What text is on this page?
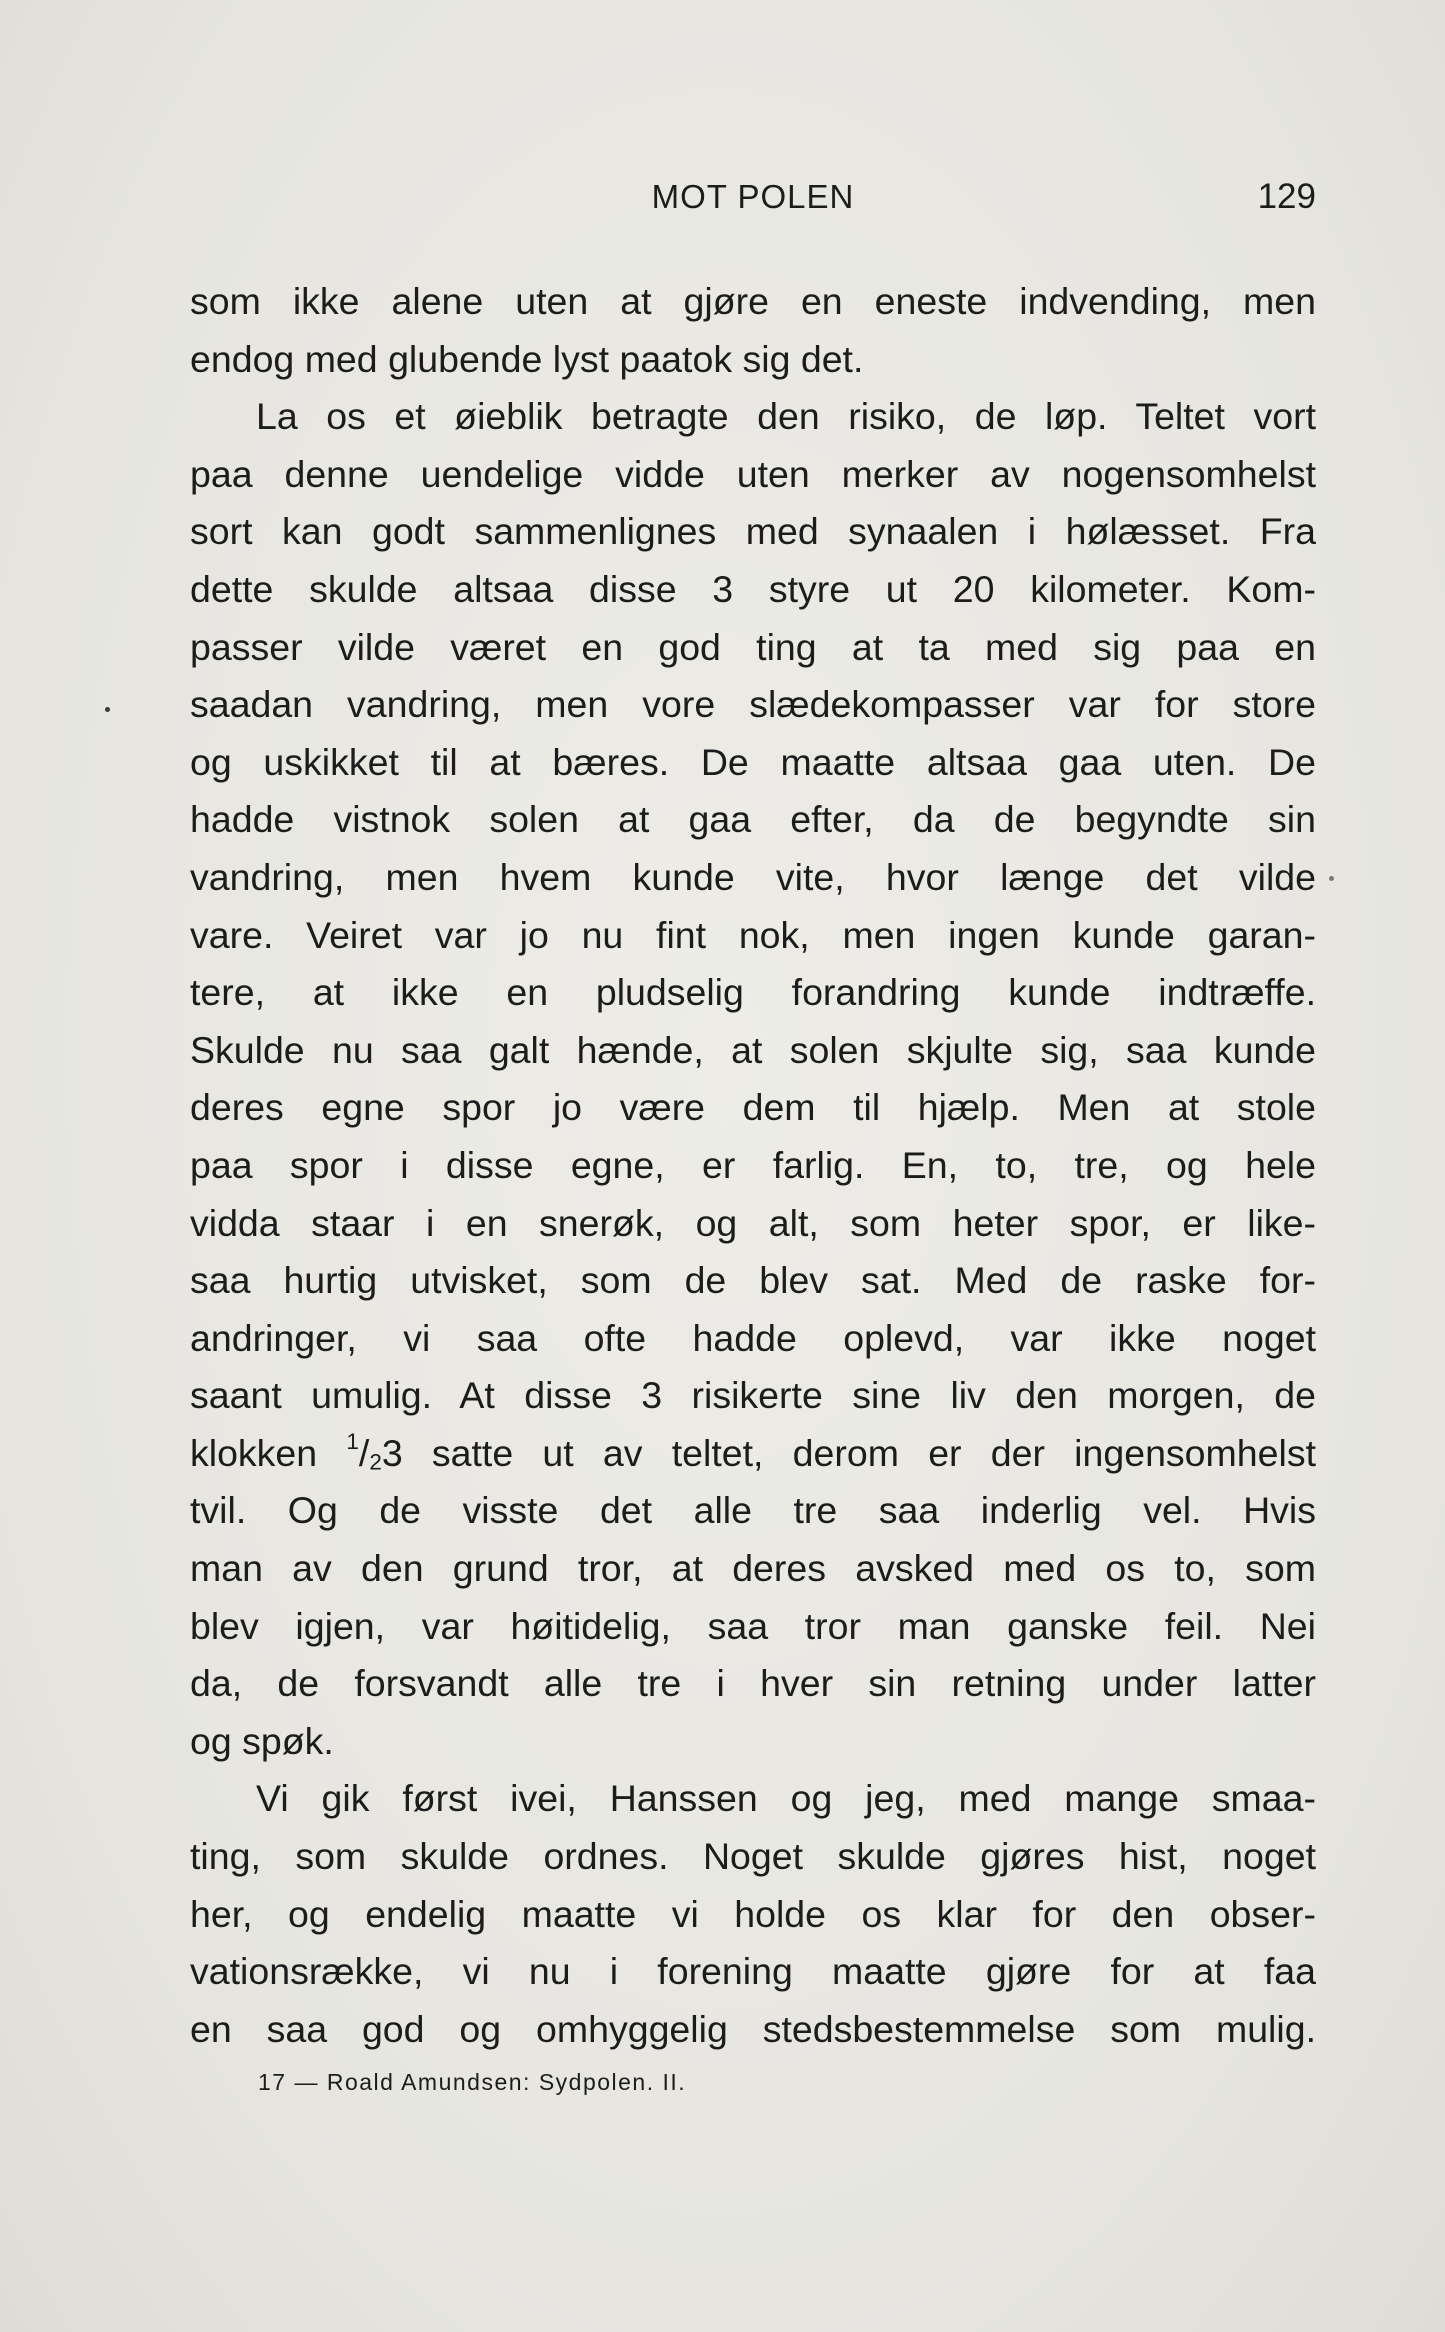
MOT POLEN	129
som ikke alene uten at gjøre en eneste indvending, men
endog med glubende lyst paatok sig det.
La os et øieblik betragte den risiko, de løp. Teltet vort
paa denne uendelige vidde uten merker av nogensomhelst
sort kan godt sammenlignes med synaalen i hølæsset. Fra
dette skulde altsaa disse 3 styre ut 20 kilometer. Kom-
passer vilde været en god ting at ta med sig paa en
saadan vandring, men vore slædekompasser var for store
og uskikket til at bæres. De maatte altsaa gaa uten. De
hadde vistnok solen at gaa efter, da de begyndte sin
vandring, men hvem kunde vite, hvor længe det vilde
vare. Veiret var jo nu fint nok, men ingen kunde garan-
tere, at ikke en pludselig forandring kunde indtræffe.
Skulde nu saa galt hænde, at solen skjulte sig, saa kunde
deres egne spor jo være dem til hjælp. Men at stole
paa spor i disse egne, er farlig. En, to, tre, og hele
vidda staar i en snerøk, og alt, som heter spor, er like-
saa hurtig utvisket, som de blev sat. Med de raske for-
andringer, vi saa ofte hadde oplevd, var ikke noget
saant umulig. At disse 3 risikerte sine liv den morgen, de
klokken $^1/_23$ satte ut av teltet, derom er der ingensomhelst
tvil. Og de visste det alle tre saa inderlig vel. Hvis
man av den grund tror, at deres avsked med os to, som
blev igjen, var høitidelig, saa tror man ganske feil. Nei
da, de forsvandt alle tre i hver sin retning under latter
og spøk.
Vi gik først ivei, Hanssen og jeg, med mange smaa-
ting, som skulde ordnes. Noget skulde gjøres hist, noget
her, og endelig maatte vi holde os klar for den obser-
vationsrække, vi nu i forening maatte gjøre for at faa
en saa god og omhyggelig stedsbestemmelse som mulig.
17 — Roald Amundsen: Sydpolen. II.
